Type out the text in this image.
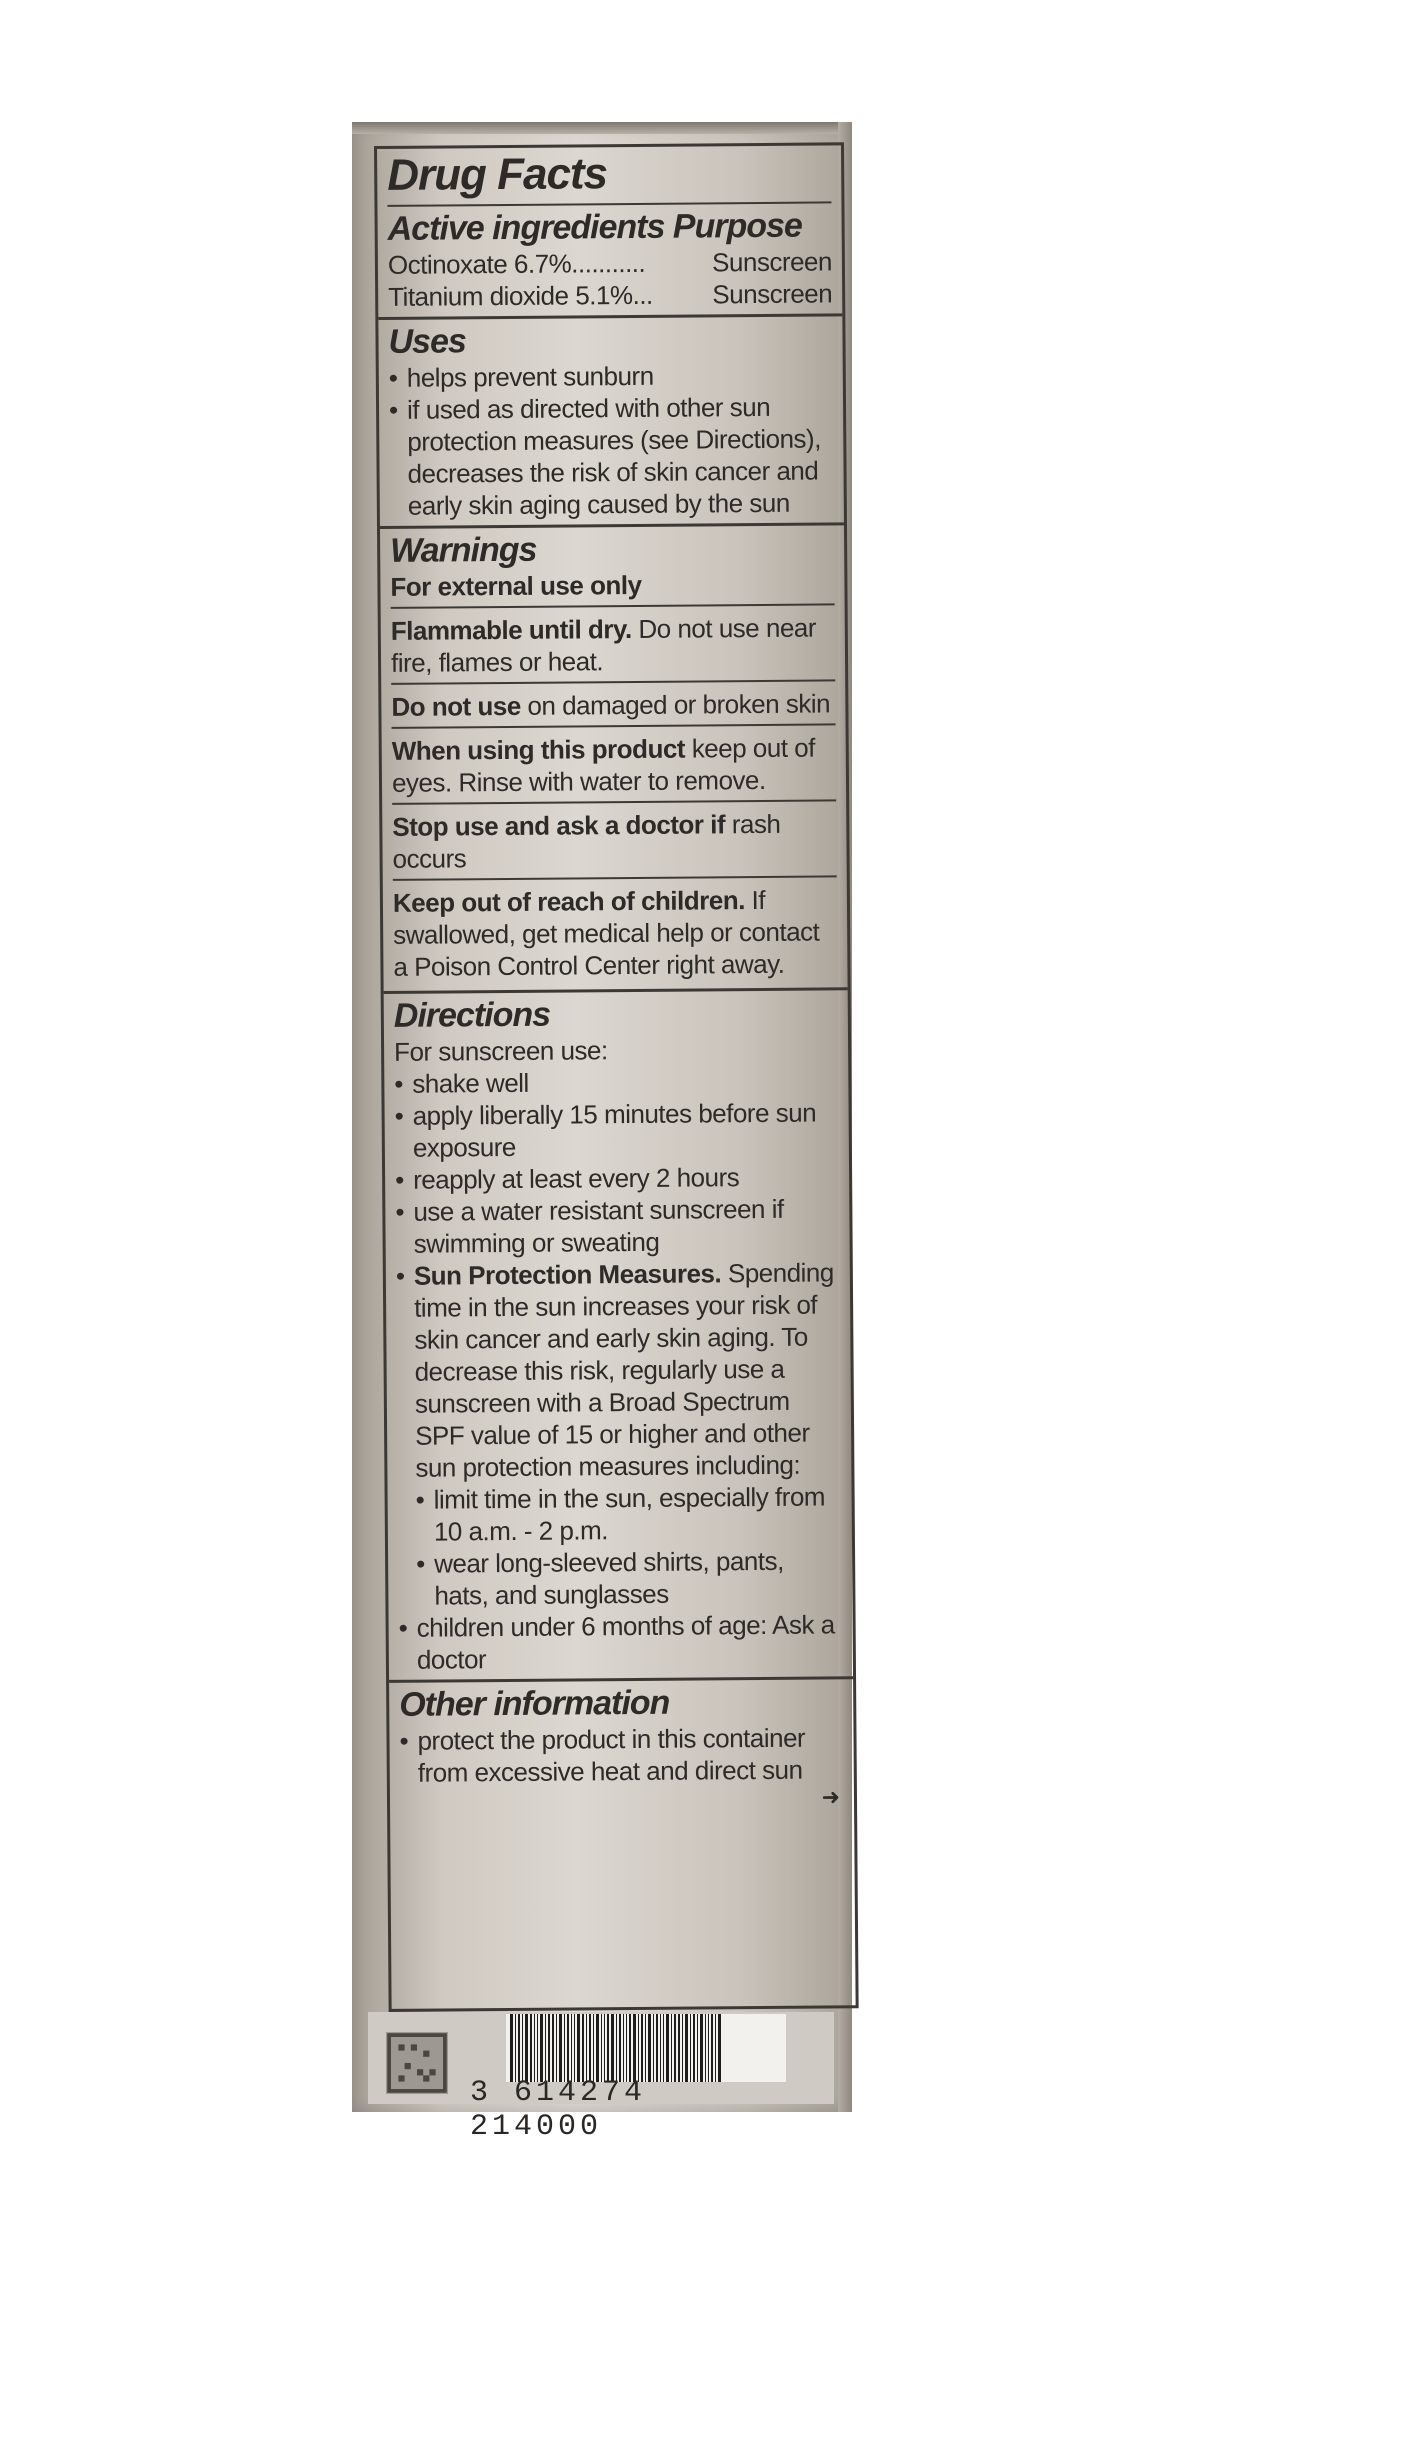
Drug Facts
Active ingredients Purpose
Octinoxate 6.7%...........	Sunscreen
Titanium dioxide 5.1%... Sunscreen
Uses
• helps prevent sunburn
• if used as directed with other sun protection measures (see Directions), decreases the risk of skin cancer and early skin aging caused by the sun
Warnings
For external use only
Flammable until dry. Do not use near fire, flames or heat.
Do not use on damaged or broken skin
When using this product keep out of eyes. Rinse with water to remove.
Stop use and ask a doctor if rash occurs
Keep out of reach of children. If swallowed, get medical help or contact a Poison Control Center right away.
Directions
For sunscreen use:
• shake well
• apply liberally 15 minutes before sun exposure
• reapply at least every 2 hours
• use a water resistant sunscreen if swimming or sweating
• Sun Protection Measures. Spending time in the sun increases your risk of skin cancer and early skin aging. To decrease this risk, regularly use a sunscreen with a Broad Spectrum SPF value of 15 or higher and other sun protection measures including:
• limit time in the sun, especially from 10 a.m. - 2 p.m.
• wear long-sleeved shirts, pants, hats, and sunglasses
• children under 6 months of age: Ask a doctor
Other information
• protect the product in this container from excessive heat and direct sun
➜
3 614274 214000
